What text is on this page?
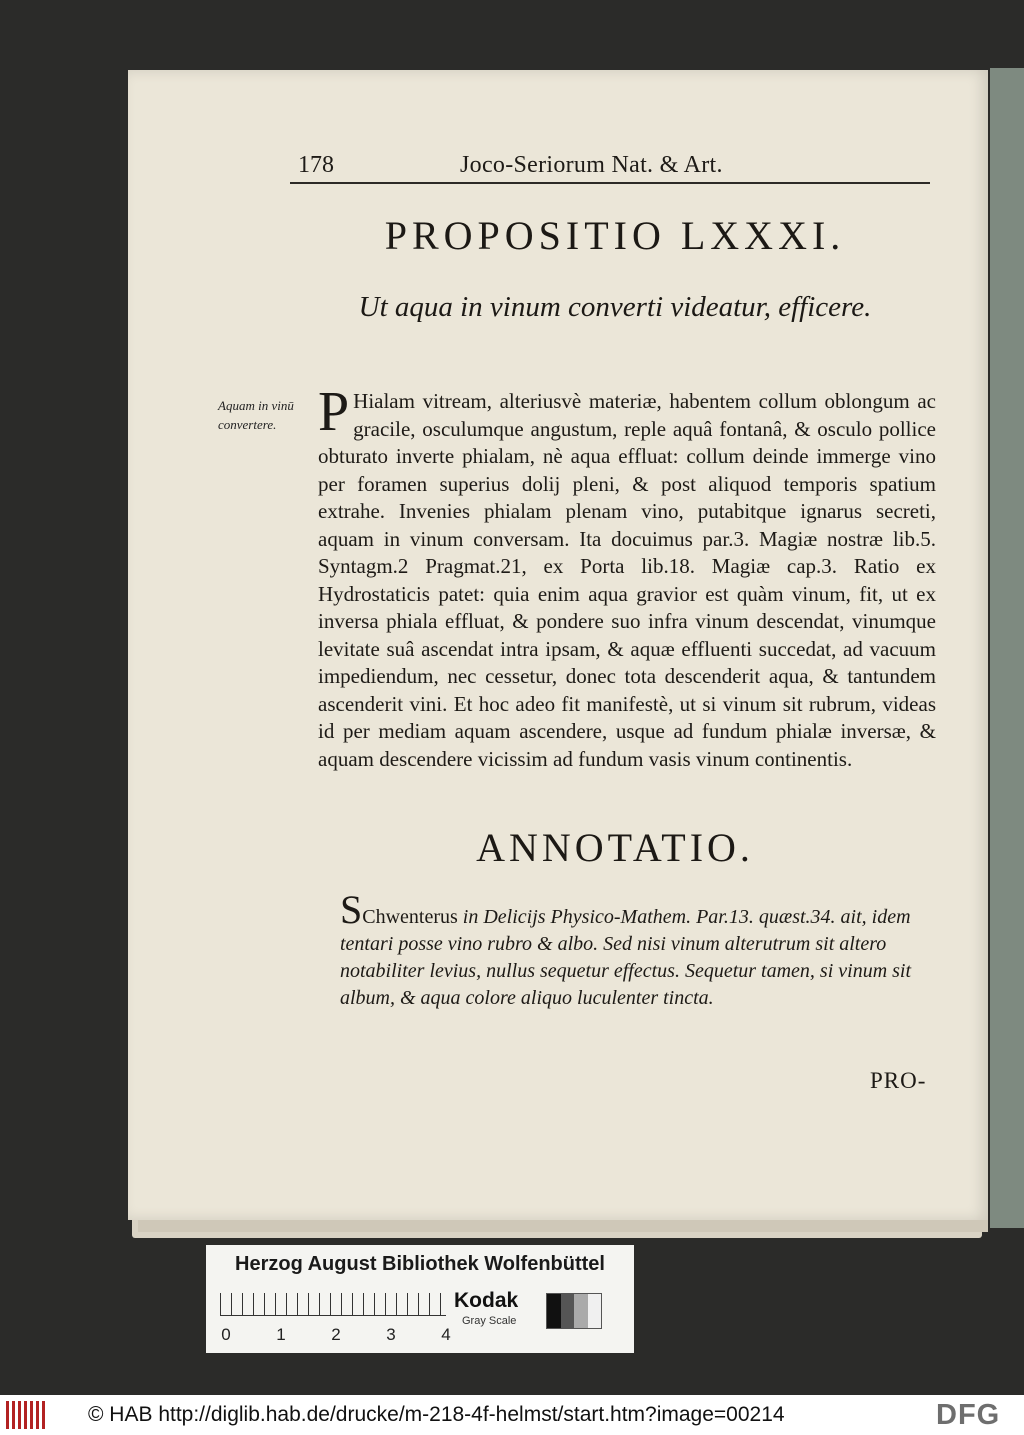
178	Joco-Seriorum Nat. & Art.
PROPOSITIO LXXXI.
Ut aqua in vinum converti videatur, efficere.
Aquam in vinū convertere. P Hialam vitream, alteriusvè materiæ, habentem collum oblongum ac gracile, osculumque angustum, reple aquâ fontanâ, & osculo pollice obturato inverte phialam, nè aqua effluat: collum deinde immerge vino per foramen superius dolij pleni, & post aliquod temporis spatium extrahe. Invenies phialam plenam vino, putabitque ignarus secreti, aquam in vinum conversam. Ita docuimus par.3. Magiæ nostræ lib.5. Syntagm.2 Pragmat.21, ex Porta lib.18. Magiæ cap.3. Ratio ex Hydrostaticis patet: quia enim aqua gravior est quàm vinum, fit, ut ex inversa phiala effluat, & pondere suo infra vinum descendat, vinumque levitate suâ ascendat intra ipsam, & aquæ effluenti succedat, ad vacuum impediendum, nec cessetur, donec tota descenderit aqua, & tantundem ascenderit vini. Et hoc adeo fit manifestè, ut si vinum sit rubrum, videas id per mediam aquam ascendere, usque ad fundum phialæ inversæ, & aquam descendere vicissim ad fundum vasis vinum continentis.
ANNOTATIO.
SChwenterus in Delicijs Physico-Mathem. Par.13. quæst.34. ait, idem tentari posse vino rubro & albo. Sed nisi vinum alterutrum sit altero notabiliter levius, nullus sequetur effectus. Sequetur tamen, si vinum sit album, & aqua colore aliquo luculenter tincta.
PRO-
Herzog August Bibliothek Wolfenbüttel
0	1	2	3	4
Kodak
Gray Scale
© HAB http://diglib.hab.de/drucke/m-218-4f-helmst/start.htm?image=00214	DFG
